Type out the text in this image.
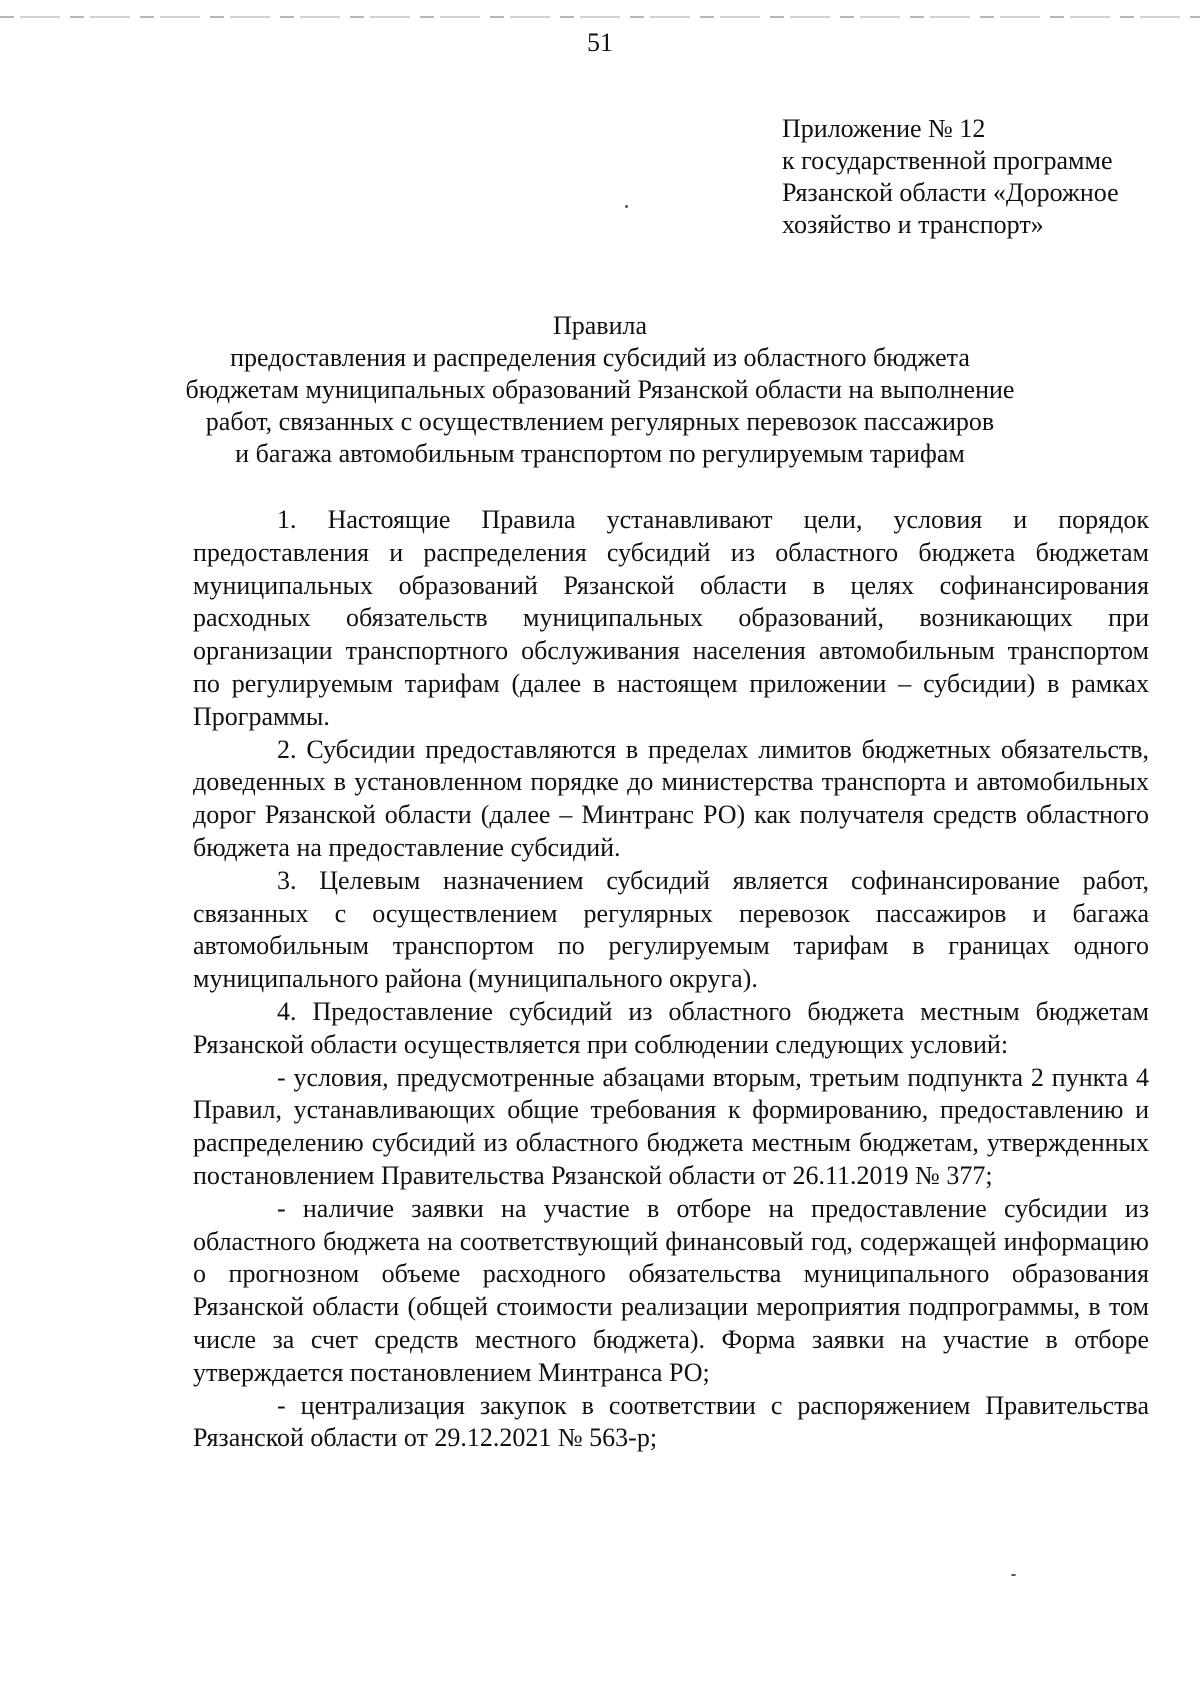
51
Приложение № 12
к государственной программе
Рязанской области «Дорожное
хозяйство и транспорт»
Правила
предоставления и распределения субсидий из областного бюджета
бюджетам муниципальных образований Рязанской области на выполнение
работ, связанных с осуществлением регулярных перевозок пассажиров
и багажа автомобильным транспортом по регулируемым тарифам

1. Настоящие Правила устанавливают цели, условия и порядок предоставления и распределения субсидий из областного бюджета бюджетам муниципальных образований Рязанской области в целях софинансирования расходных обязательств муниципальных образований, возникающих при организации транспортного обслуживания населения автомобильным транспортом по регулируемым тарифам (далее в настоящем приложении – субсидии) в рамках Программы.

2. Субсидии предоставляются в пределах лимитов бюджетных обязательств, доведенных в установленном порядке до министерства транспорта и автомобильных дорог Рязанской области (далее – Минтранс РО) как получателя средств областного бюджета на предоставление субсидий.

3. Целевым назначением субсидий является софинансирование работ, связанных с осуществлением регулярных перевозок пассажиров и багажа автомобильным транспортом по регулируемым тарифам в границах одного муниципального района (муниципального округа).

4. Предоставление субсидий из областного бюджета местным бюджетам Рязанской области осуществляется при соблюдении следующих условий:

- условия, предусмотренные абзацами вторым, третьим подпункта 2 пункта 4 Правил, устанавливающих общие требования к формированию, предоставлению и распределению субсидий из областного бюджета местным бюджетам, утвержденных постановлением Правительства Рязанской области от 26.11.2019 № 377;

- наличие заявки на участие в отборе на предоставление субсидии из областного бюджета на соответствующий финансовый год, содержащей информацию о прогнозном объеме расходного обязательства муниципального образования Рязанской области (общей стоимости реализации мероприятия подпрограммы, в том числе за счет средств местного бюджета). Форма заявки на участие в отборе утверждается постановлением Минтранса РО;

- централизация закупок в соответствии с распоряжением Правительства Рязанской области от 29.12.2021 № 563-р;
